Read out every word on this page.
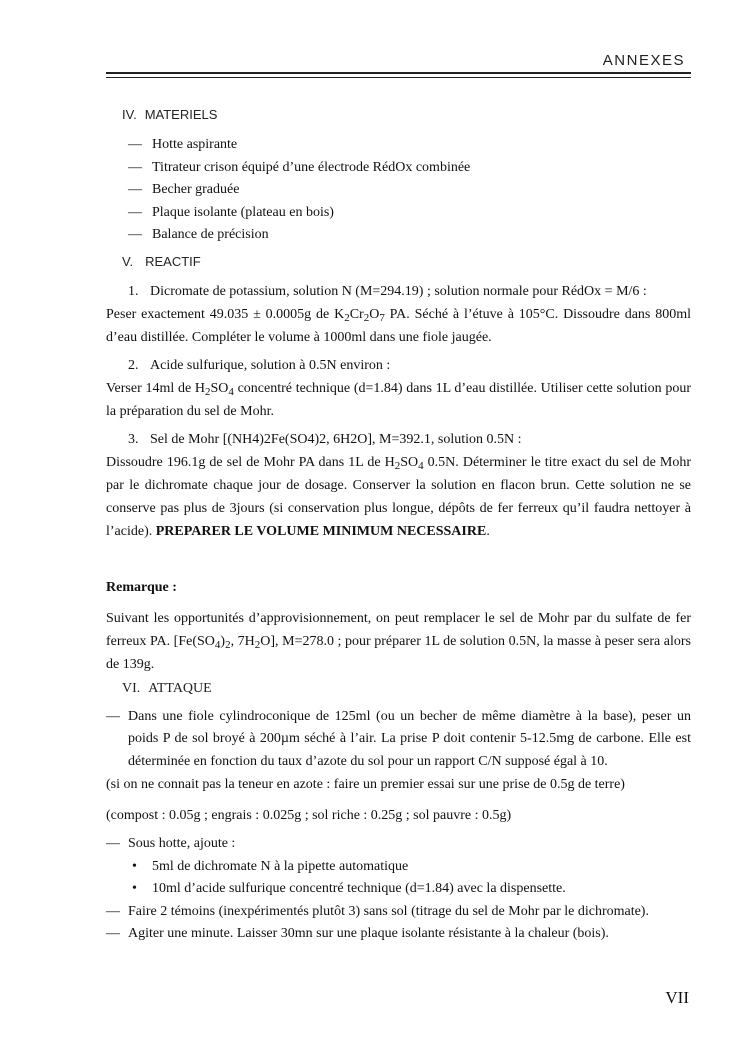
ANNEXES
IV. MATERIELS
— Hotte aspirante
— Titrateur crison équipé d’une électrode RédOx combinée
— Becher graduée
— Plaque isolante (plateau en bois)
— Balance de précision
V. REACTIF
1. Dicromate de potassium, solution N (M=294.19) ; solution normale pour RédOx = M/6 :

Peser exactement 49.035 ± 0.0005g de $K_2Cr_2O_7$ PA. Séché à l’étuve à 105°C. Dissoudre dans 800ml d’eau distillée. Compléter le volume à 1000ml dans une fiole jaugée.

2. Acide sulfurique, solution à 0.5N environ :

Verser 14ml de $H_2SO_4$ concentré technique (d=1.84) dans 1L d’eau distillée. Utiliser cette solution pour la préparation du sel de Mohr.

3. Sel de Mohr [(NH4)2Fe(SO4)2, 6H2O], M=392.1, solution 0.5N :

Dissoudre 196.1g de sel de Mohr PA dans 1L de $H_2SO_4$ 0.5N. Déterminer le titre exact du sel de Mohr par le dichromate chaque jour de dosage. Conserver la solution en flacon brun. Cette solution ne se conserve pas plus de 3jours (si conservation plus longue, dépôts de fer ferreux qu’il faudra nettoyer à l’acide). PREPARER LE VOLUME MINIMUM NECESSAIRE.

Remarque :

Suivant les opportunités d’approvisionnement, on peut remplacer le sel de Mohr par du sulfate de fer ferreux PA. [$Fe(SO_4)_2$, $7H_2O$], M=278.0 ; pour préparer 1L de solution 0.5N, la masse à peser sera alors de 139g.

VI. ATTAQUE
— Dans une fiole cylindroconique de 125ml (ou un becher de même diamètre à la base), peser un poids P de sol broyé à 200µm séché à l’air. La prise P doit contenir 5-12.5mg de carbone. Elle est déterminée en fonction du taux d’azote du sol pour un rapport C/N supposé égal à 10.

(si on ne connait pas la teneur en azote : faire un premier essai sur une prise de 0.5g de terre)

(compost : 0.05g ; engrais : 0.025g ; sol riche : 0.25g ; sol pauvre : 0.5g)

— Sous hotte, ajoute :
• 5ml de dichromate N à la pipette automatique
• 10ml d’acide sulfurique concentré technique (d=1.84) avec la dispensette.
— Faire 2 témoins (inexpérimentés plutôt 3) sans sol (titrage du sel de Mohr par le dichromate).
— Agiter une minute. Laisser 30mn sur une plaque isolante résistante à la chaleur (bois).
VII
